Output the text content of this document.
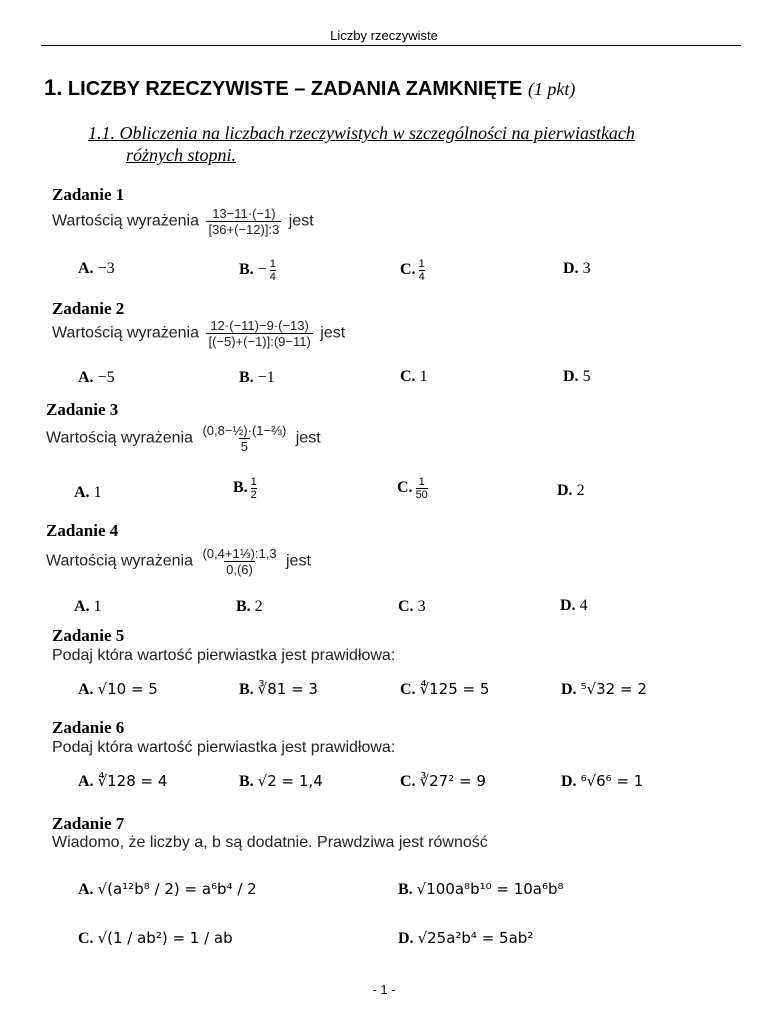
Liczby rzeczywiste
1. LICZBY RZECZYWISTE – ZADANIA ZAMKNIĘTE (1 pkt)
1.1. Obliczenia na liczbach rzeczywistych w szczególności na pierwiastkach
różnych stopni.
Zadanie 1
Wartością wyrażenia $\frac{13-11\cdot(-1)}{[36+(-12)]:3}$ jest
A. −3	B. − $\frac{1}{4}$	C. $\frac{1}{4}$	D. 3
Zadanie 2
Wartością wyrażenia $\frac{12\cdot(-11)-9\cdot(-13)}{[(-5)+(-1)]:(9-11)}$ jest
A. −5	B. −1	C. 1	D. 5
Zadanie 3
Wartością wyrażenia $\frac{\text{(0,8−½)·(1−⅔)}}{5}$ jest
A. 1	B. $\frac{1}{2}$	C. $\frac{1}{50}$	D. 2
Zadanie 4
Wartością wyrażenia $\frac{\text{(0,4+1⅓):1,3}}{0,(6)}$ jest
A. 1	B. 2	C. 3	D. 4
Zadanie 5
Podaj która wartość pierwiastka jest prawidłowa:
A. √10 = 5	B. ∛81 = 3	C. ∜125 = 5	D. ⁵√32 = 2
Zadanie 6
Podaj która wartość pierwiastka jest prawidłowa:
A. ∜128 = 4	B. √2 = 1,4	C. ∛27² = 9	D. ⁶√6⁶ = 1
Zadanie 7
Wiadomo, że liczby a, b są dodatnie. Prawdziwa jest równość
A. √(a¹²b⁸ / 2) = a⁶b⁴ / 2	B. √100a⁸b¹⁰ = 10a⁶b⁸
C. √(1 / ab²) = 1 / ab	D. √25a²b⁴ = 5ab²
- 1 -
